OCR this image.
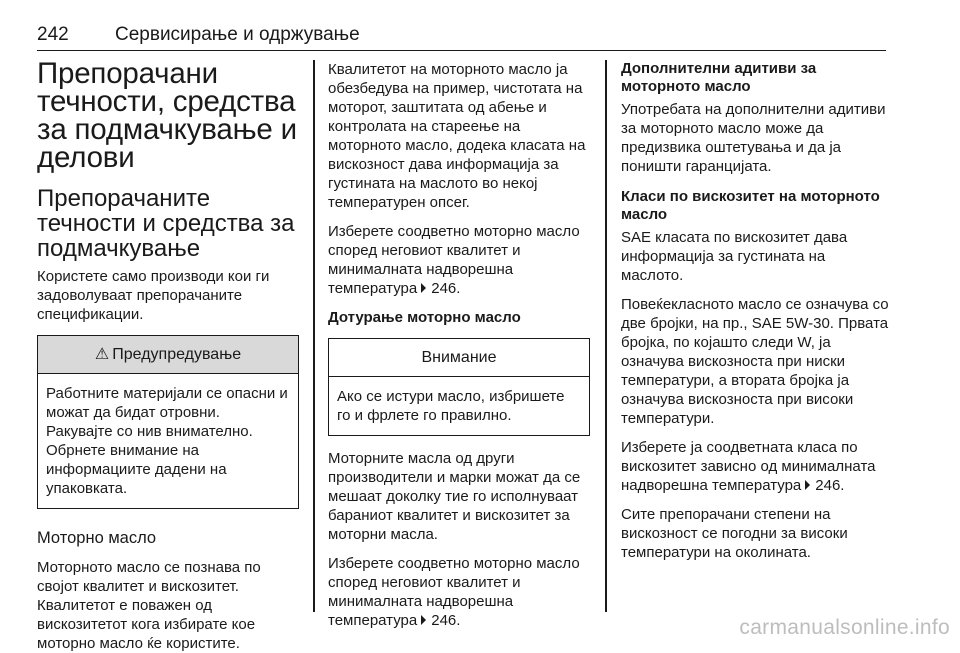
242 Сервисирање и одржување
Препорачани течности, средства за подмачкување и делови
Препорачаните течности и средства за подмачкување

Користете само производи кои ги задоволуваат препорачаните спецификации.

⚠ Предупредување

Работните материјали се опасни и можат да бидат отровни. Ракувајте со нив внимателно. Обрнете внимание на информациите дадени на упаковката.

Моторно масло

Моторното масло се познава по својот квалитет и вискозитет. Квалитетот е поважен од вискозитетот кога избирате кое моторно масло ќе користите.

Квалитетот на моторното масло ја обезбедува на пример, чистотата на моторот, заштитата од абење и контролата на стареење на моторното масло, додека класата на вискозност дава информација за густината на маслото во некој температурен опсег.

Изберете соодветно моторно масло според неговиот квалитет и минималната надворешна температура 246.

Дотурање моторно масло
Внимание

Ако се истури масло, избришете го и фрлете го правилно.

Моторните масла од други производители и марки можат да се мешаат доколку тие го исполнуваат бараниот квалитет и вискозитет за моторни масла.

Изберете соодветно моторно масло според неговиот квалитет и минималната надворешна температура 246.

Дополнителни адитиви за моторното масло

Употребата на дополнителни адитиви за моторното масло може да предизвика оштетувања и да ја поништи гаранцијата.

Класи по вискозитет на моторното масло

SAE класата по вискозитет дава информација за густината на маслото.

Повеќекласното масло се означува со две бројки, на пр., SAE 5W-30. Првата бројка, по којашто следи W, ја означува вискозноста при ниски температури, а втората бројка ја означува вискозноста при високи температури.

Изберете ја соодветната класа по вискозитет зависно од минималната надворешна температура 246.

Сите препорачани степени на вискозност се погодни за високи температури на околината.

carmanualsonline.info
